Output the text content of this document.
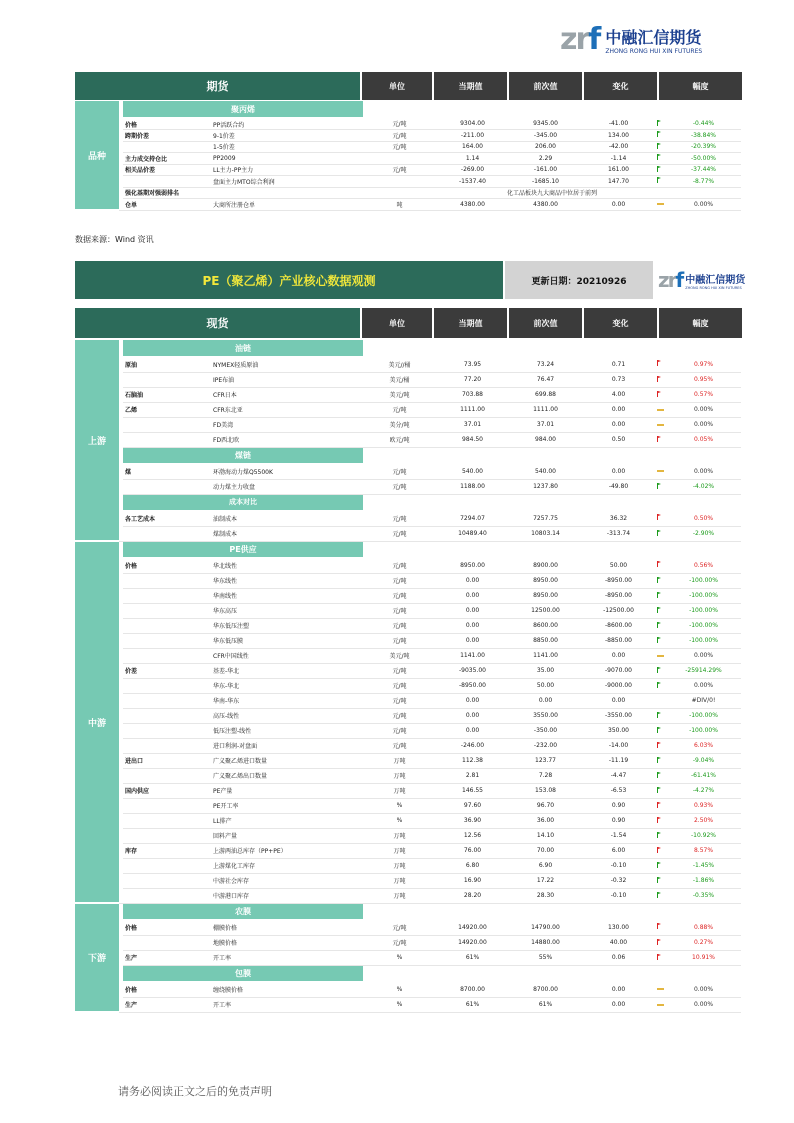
zrf 中融汇信期货
ZHONG RONG HUI XIN FUTURES
期货	单位	当期值	前次值	变化	幅度
品种		聚丙烯							
		价格	PP活跃合约	元/吨	9304.00	9345.00	-41.00		-0.44%
		跨期价差	9-1价差	元/吨	-211.00	-345.00	134.00		-38.84%
			1-5价差	元/吨	164.00	206.00	-42.00		-20.39%
		主力成交持仓比	PP2009		1.14	2.29	-1.14		-50.00%
		相关品价差	LL主力-PP主力	元/吨	-269.00	-161.00	161.00		-37.44%
			盘面主力MTO综合利润		-1537.40	-1685.10	147.70		-8.77%
		强化基期对强弱排名		化工品板块九大商品中位居于前列					
		仓单	大商所注册仓单	吨	4380.00	4380.00	0.00		0.00%
数据来源：Wind 资讯
PE（聚乙烯）产业核心数据观测	更新日期：20210926	zrf 中融汇信期货
ZHONG RONG HUI XIN FUTURES
现货	单位	当期值	前次值	变化	幅度
上游		油链							
		原油	NYMEX轻质原油	美元//桶	73.95	73.24	0.71		0.97%
			IPE布油	美元/桶	77.20	76.47	0.73		0.95%
		石脑油	CFR日本	美元/吨	703.88	699.88	4.00		0.57%
		乙烯	CFR东北亚	元/吨	1111.00	1111.00	0.00		0.00%
			FD美湾	美分/吨	37.01	37.01	0.00		0.00%
			FD西北欧	欧元/吨	984.50	984.00	0.50		0.05%
		煤链							
		煤	环渤海动力煤Q5500K	元/吨	540.00	540.00	0.00		0.00%
			动力煤主力收盘	元/吨	1188.00	1237.80	-49.80		-4.02%
		成本对比							
		各工艺成本	油制成本	元/吨	7294.07	7257.75	36.32		0.50%
			煤制成本	元/吨	10489.40	10803.14	-313.74		-2.90%
中游		PE供应							
		价格	华北线性	元/吨	8950.00	8900.00	50.00		0.56%
			华东线性	元/吨	0.00	8950.00	-8950.00		-100.00%
			华南线性	元/吨	0.00	8950.00	-8950.00		-100.00%
			华东高压	元/吨	0.00	12500.00	-12500.00		-100.00%
			华东低压注塑	元/吨	0.00	8600.00	-8600.00		-100.00%
			华东低压膜	元/吨	0.00	8850.00	-8850.00		-100.00%
			CFR中国线性	美元/吨	1141.00	1141.00	0.00		0.00%
		价差	基差-华北	元/吨	-9035.00	35.00	-9070.00		-25914.29%
			华东-华北	元/吨	-8950.00	50.00	-9000.00		0.00%
			华南-华东	元/吨	0.00	0.00	0.00		#DIV/0!
			高压-线性	元/吨	0.00	3550.00	-3550.00		-100.00%
			低压注塑-线性	元/吨	0.00	-350.00	350.00		-100.00%
			进口利润-对盘面	元/吨	-246.00	-232.00	-14.00		6.03%
		进出口	广义聚乙烯进口数量	万吨	112.38	123.77	-11.19		-9.04%
			广义聚乙烯出口数量	万吨	2.81	7.28	-4.47		-61.41%
		国内供应	PE产量	万吨	146.55	153.08	-6.53		-4.27%
			PE开工率	%	97.60	96.70	0.90		0.93%
			LL排产	%	36.90	36.00	0.90		2.50%
			回料产量	万吨	12.56	14.10	-1.54		-10.92%
		库存	上游两油总库存（PP+PE）	万吨	76.00	70.00	6.00		8.57%
			上游煤化工库存	万吨	6.80	6.90	-0.10		-1.45%
			中游社会库存	万吨	16.90	17.22	-0.32		-1.86%
			中游港口库存	万吨	28.20	28.30	-0.10		-0.35%
下游		农膜							
		价格	棚膜价格	元/吨	14920.00	14790.00	130.00		0.88%
			地膜价格	元/吨	14920.00	14880.00	40.00		0.27%
		生产	开工率	%	61%	55%	0.06		10.91%
		包膜							
		价格	缠绕膜价格	%	8700.00	8700.00	0.00		0.00%
		生产	开工率	%	61%	61%	0.00		0.00%
请务必阅读正文之后的免责声明
